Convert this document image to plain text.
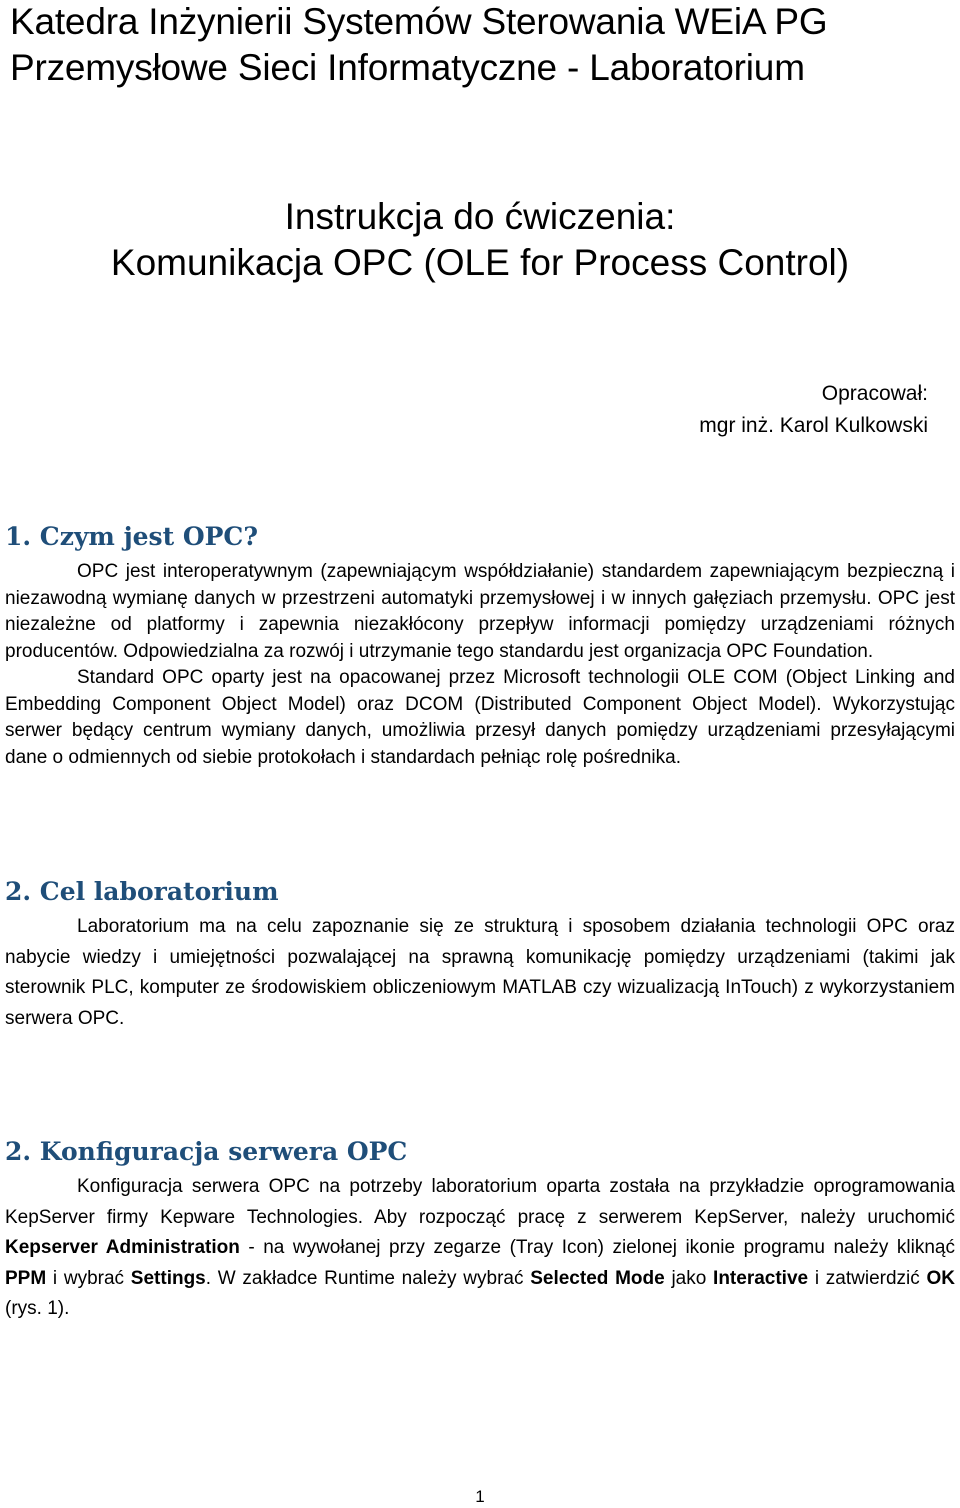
Katedra Inżynierii Systemów Sterowania WEiA PG
Przemysłowe Sieci Informatyczne - Laboratorium
Instrukcja do ćwiczenia:
Komunikacja OPC (OLE for Process Control)
Opracował:
mgr inż. Karol Kulkowski
1. Czym jest OPC?

OPC jest interoperatywnym (zapewniającym współdziałanie) standardem zapewniającym bezpieczną i niezawodną wymianę danych w przestrzeni automatyki przemysłowej i w innych gałęziach przemysłu. OPC jest niezależne od platformy i zapewnia niezakłócony przepływ informacji pomiędzy urządzeniami różnych producentów. Odpowiedzialna za rozwój i utrzymanie tego standardu jest organizacja OPC Foundation.

Standard OPC oparty jest na opacowanej przez Microsoft technologii OLE COM (Object Linking and Embedding Component Object Model) oraz DCOM (Distributed Component Object Model). Wykorzystując serwer będący centrum wymiany danych, umożliwia przesył danych pomiędzy urządzeniami przesyłającymi dane o odmiennych od siebie protokołach i standardach pełniąc rolę pośrednika.

2. Cel laboratorium

Laboratorium ma na celu zapoznanie się ze strukturą i sposobem działania technologii OPC oraz nabycie wiedzy i umiejętności pozwalającej na sprawną komunikację pomiędzy urządzeniami (takimi jak sterownik PLC, komputer ze środowiskiem obliczeniowym MATLAB czy wizualizacją InTouch) z wykorzystaniem serwera OPC.

2. Konfiguracja serwera OPC

Konfiguracja serwera OPC na potrzeby laboratorium oparta została na przykładzie oprogramowania KepServer firmy Kepware Technologies. Aby rozpocząć pracę z serwerem KepServer, należy uruchomić Kepserver Administration - na wywołanej przy zegarze (Tray Icon) zielonej ikonie programu należy kliknąć PPM i wybrać Settings. W zakładce Runtime należy wybrać Selected Mode jako Interactive i zatwierdzić OK (rys. 1).

1
